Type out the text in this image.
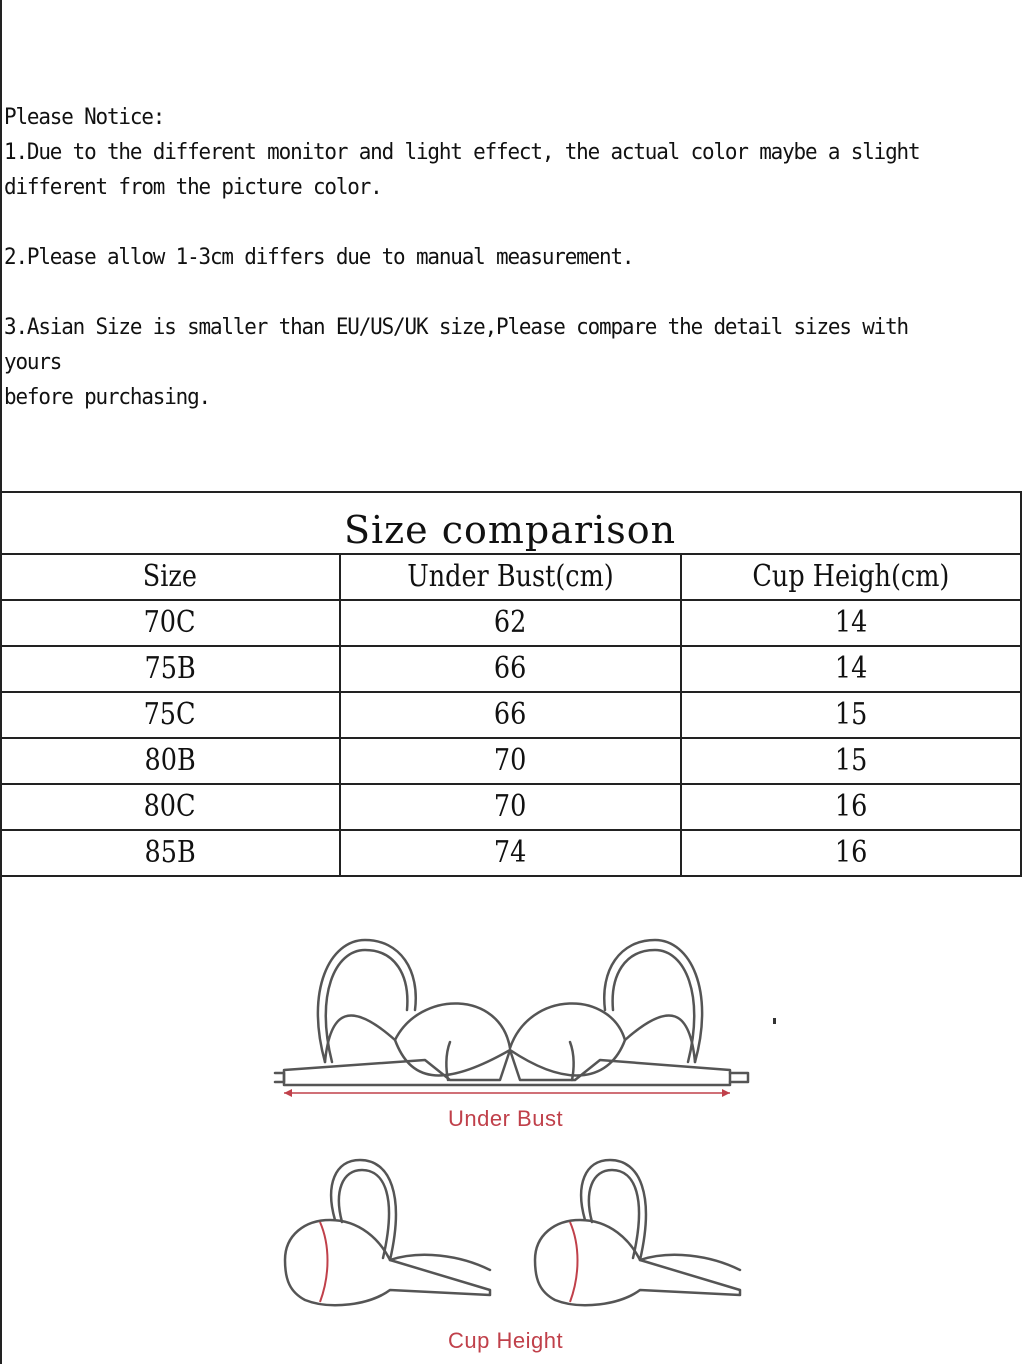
Please Notice:

1.Due to the different monitor and light effect, the actual color maybe a slight

different from the picture color.

2.Please allow 1-3cm differs due to manual measurement.

3.Asian Size is smaller than EU/US/UK size,Please compare the detail sizes with yours

before purchasing.

Size comparison
Size	Under Bust(cm)	Cup Heigh(cm)
70C	62	14
75B	66	14
75C	66	15
80B	70	15
80C	70	16
85B	74	16
Under Bust
Cup Height
